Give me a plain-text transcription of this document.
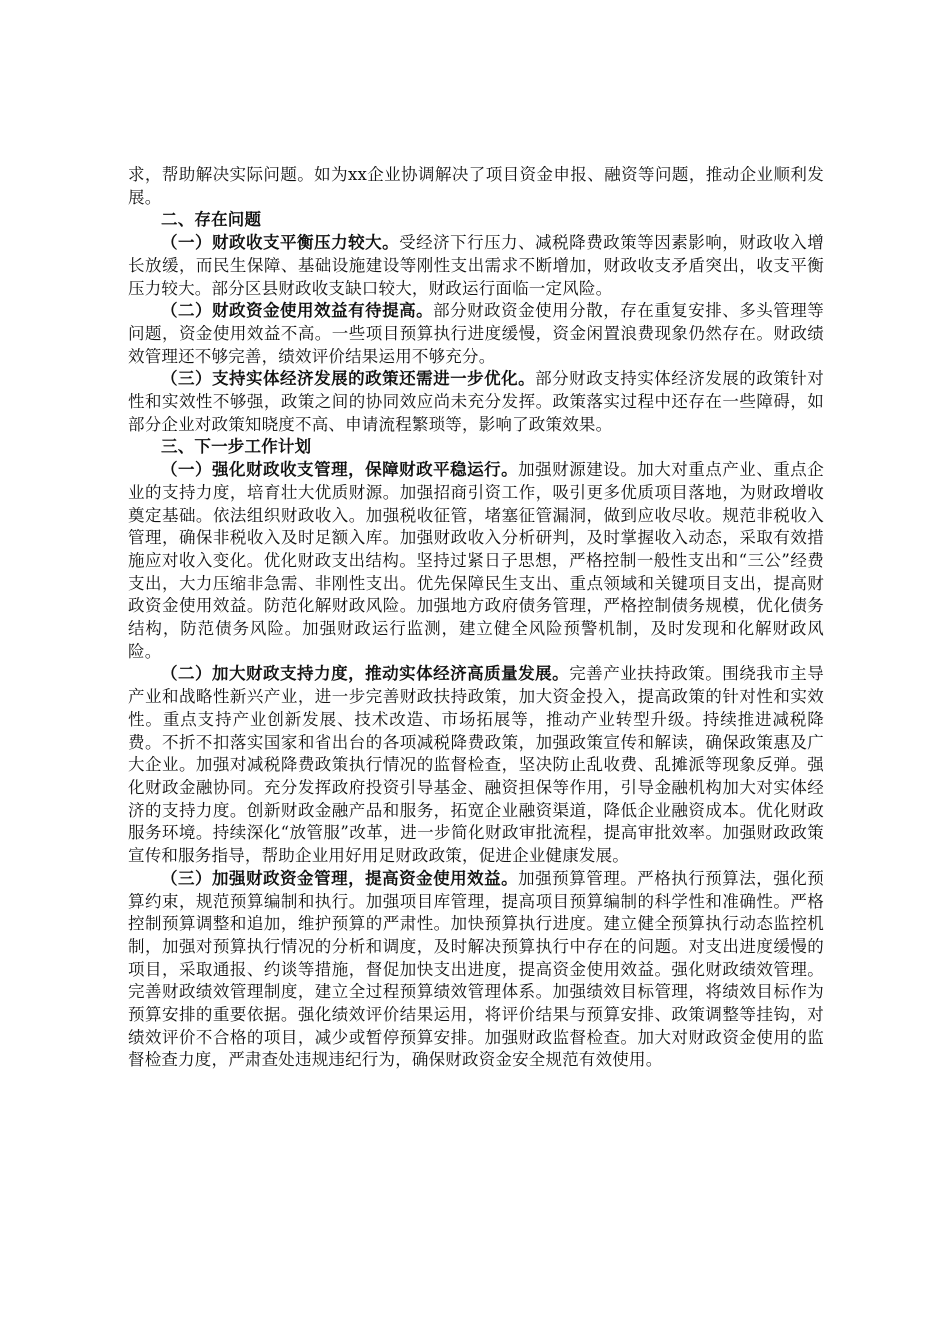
求，帮助解决实际问题。如为xx企业协调解决了项目资金申报、融资等问题，推动企业顺利发展。

二、存在问题

（一）财政收支平衡压力较大。受经济下行压力、减税降费政策等因素影响，财政收入增长放缓，而民生保障、基础设施建设等刚性支出需求不断增加，财政收支矛盾突出，收支平衡压力较大。部分区县财政收支缺口较大，财政运行面临一定风险。

（二）财政资金使用效益有待提高。部分财政资金使用分散，存在重复安排、多头管理等问题，资金使用效益不高。一些项目预算执行进度缓慢，资金闲置浪费现象仍然存在。财政绩效管理还不够完善，绩效评价结果运用不够充分。

（三）支持实体经济发展的政策还需进一步优化。部分财政支持实体经济发展的政策针对性和实效性不够强，政策之间的协同效应尚未充分发挥。政策落实过程中还存在一些障碍，如部分企业对政策知晓度不高、申请流程繁琐等，影响了政策效果。

三、下一步工作计划

（一）强化财政收支管理，保障财政平稳运行。加强财源建设。加大对重点产业、重点企业的支持力度，培育壮大优质财源。加强招商引资工作，吸引更多优质项目落地，为财政增收奠定基础。依法组织财政收入。加强税收征管，堵塞征管漏洞，做到应收尽收。规范非税收入管理，确保非税收入及时足额入库。加强财政收入分析研判，及时掌握收入动态，采取有效措施应对收入变化。优化财政支出结构。坚持过紧日子思想，严格控制一般性支出和“三公”经费支出，大力压缩非急需、非刚性支出。优先保障民生支出、重点领域和关键项目支出，提高财政资金使用效益。防范化解财政风险。加强地方政府债务管理，严格控制债务规模，优化债务结构，防范债务风险。加强财政运行监测，建立健全风险预警机制，及时发现和化解财政风险。

（二）加大财政支持力度，推动实体经济高质量发展。完善产业扶持政策。围绕我市主导产业和战略性新兴产业，进一步完善财政扶持政策，加大资金投入，提高政策的针对性和实效性。重点支持产业创新发展、技术改造、市场拓展等，推动产业转型升级。持续推进减税降费。不折不扣落实国家和省出台的各项减税降费政策，加强政策宣传和解读，确保政策惠及广大企业。加强对减税降费政策执行情况的监督检查，坚决防止乱收费、乱摊派等现象反弹。强化财政金融协同。充分发挥政府投资引导基金、融资担保等作用，引导金融机构加大对实体经济的支持力度。创新财政金融产品和服务，拓宽企业融资渠道，降低企业融资成本。优化财政服务环境。持续深化“放管服”改革，进一步简化财政审批流程，提高审批效率。加强财政政策宣传和服务指导，帮助企业用好用足财政政策，促进企业健康发展。

（三）加强财政资金管理，提高资金使用效益。加强预算管理。严格执行预算法，强化预算约束，规范预算编制和执行。加强项目库管理，提高项目预算编制的科学性和准确性。严格控制预算调整和追加，维护预算的严肃性。加快预算执行进度。建立健全预算执行动态监控机制，加强对预算执行情况的分析和调度，及时解决预算执行中存在的问题。对支出进度缓慢的项目，采取通报、约谈等措施，督促加快支出进度，提高资金使用效益。强化财政绩效管理。完善财政绩效管理制度，建立全过程预算绩效管理体系。加强绩效目标管理，将绩效目标作为预算安排的重要依据。强化绩效评价结果运用，将评价结果与预算安排、政策调整等挂钩，对绩效评价不合格的项目，减少或暂停预算安排。加强财政监督检查。加大对财政资金使用的监督检查力度，严肃查处违规违纪行为，确保财政资金安全规范有效使用。
